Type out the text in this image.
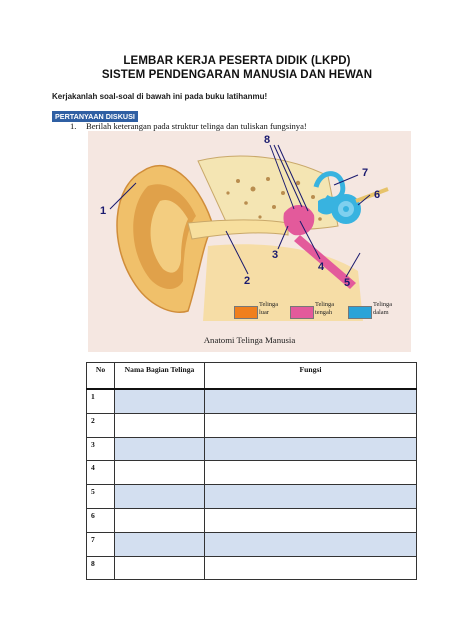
LEMBAR KERJA PESERTA DIDIK (LKPD)
SISTEM PENDENGARAN MANUSIA DAN HEWAN
Kerjakanlah soal-soal di bawah ini pada buku latihanmu!
PERTANYAAN DISKUSI
1. Berilah keterangan pada struktur telinga dan tuliskan fungsinya!
1
2
3
4
5
6
7
8
Telinga luar
Telinga tengah
Telinga dalam
Anatomi Telinga Manusia
No	Nama Bagian Telinga	Fungsi
1		
2		
3		
4		
5		
6		
7		
8		
